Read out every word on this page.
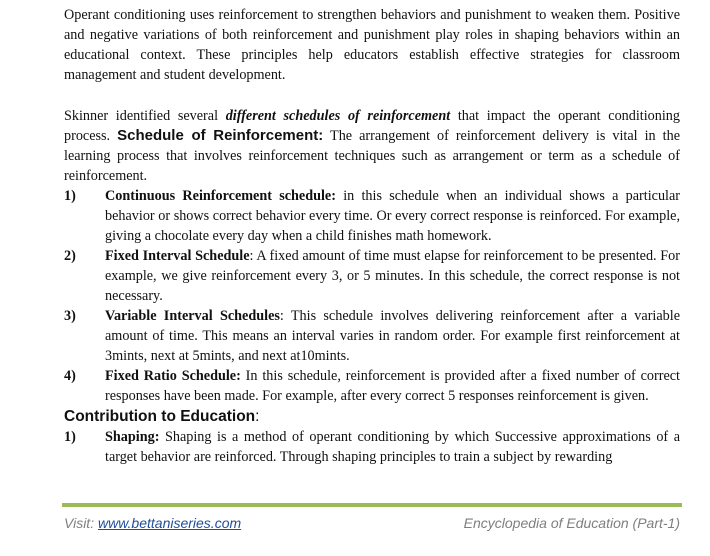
Operant conditioning uses reinforcement to strengthen behaviors and punishment to weaken them. Positive and negative variations of both reinforcement and punishment play roles in shaping behaviors within an educational context. These principles help educators establish effective strategies for classroom management and student development.

Skinner identified several different schedules of reinforcement that impact the operant conditioning process. Schedule of Reinforcement: The arrangement of reinforcement delivery is vital in the learning process that involves reinforcement techniques such as arrangement or term as a schedule of reinforcement.

1) Continuous Reinforcement schedule: in this schedule when an individual shows a particular behavior or shows correct behavior every time. Or every correct response is reinforced. For example, giving a chocolate every day when a child finishes math homework.
2) Fixed Interval Schedule: A fixed amount of time must elapse for reinforcement to be presented. For example, we give reinforcement every 3, or 5 minutes. In this schedule, the correct response is not necessary.
3) Variable Interval Schedules: This schedule involves delivering reinforcement after a variable amount of time. This means an interval varies in random order. For example first reinforcement at 3mints, next at 5mints, and next at10mints.
4) Fixed Ratio Schedule: In this schedule, reinforcement is provided after a fixed number of correct responses have been made. For example, after every correct 5 responses reinforcement is given.
Contribution to Education:
1) Shaping: Shaping is a method of operant conditioning by which Successive approximations of a target behavior are reinforced. Through shaping principles to train a subject by rewarding
Visit: www.bettaniseries.com	Encyclopedia of Education (Part-1)
